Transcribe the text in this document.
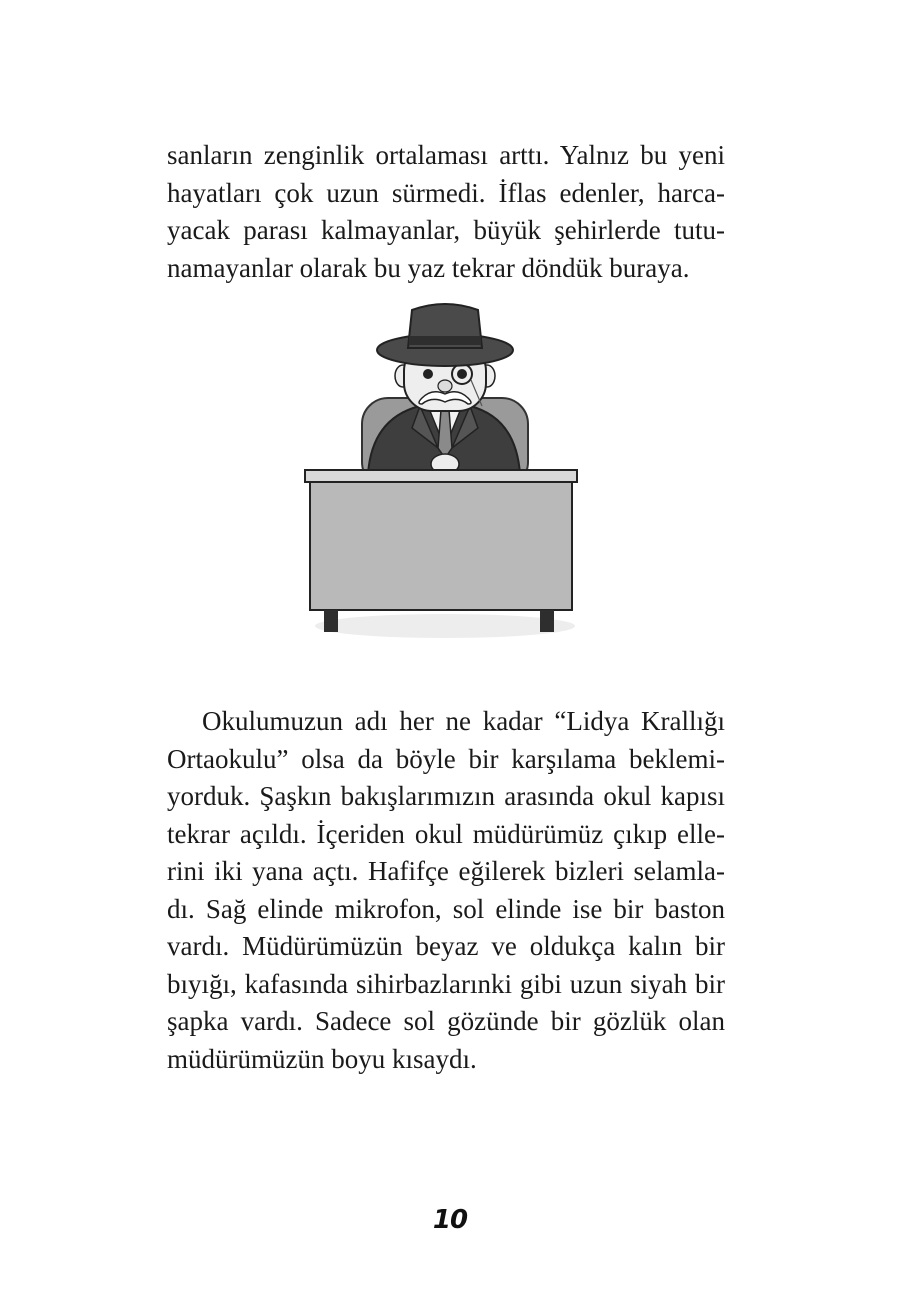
sanların zenginlik ortalaması arttı. Yalnız bu yeni
hayatları çok uzun sürmedi. İflas edenler, harca-
yacak parası kalmayanlar, büyük şehirlerde tutu-
namayanlar olarak bu yaz tekrar döndük buraya.
Okulumuzun adı her ne kadar “Lidya Krallığı
Ortaokulu” olsa da böyle bir karşılama beklemi-
yorduk. Şaşkın bakışlarımızın arasında okul kapısı
tekrar açıldı. İçeriden okul müdürümüz çıkıp elle-
rini iki yana açtı. Hafifçe eğilerek bizleri selamla-
dı. Sağ elinde mikrofon, sol elinde ise bir baston
vardı. Müdürümüzün beyaz ve oldukça kalın bir
bıyığı, kafasında sihirbazlarınki gibi uzun siyah bir
şapka vardı. Sadece sol gözünde bir gözlük olan
müdürümüzün boyu kısaydı.
10
